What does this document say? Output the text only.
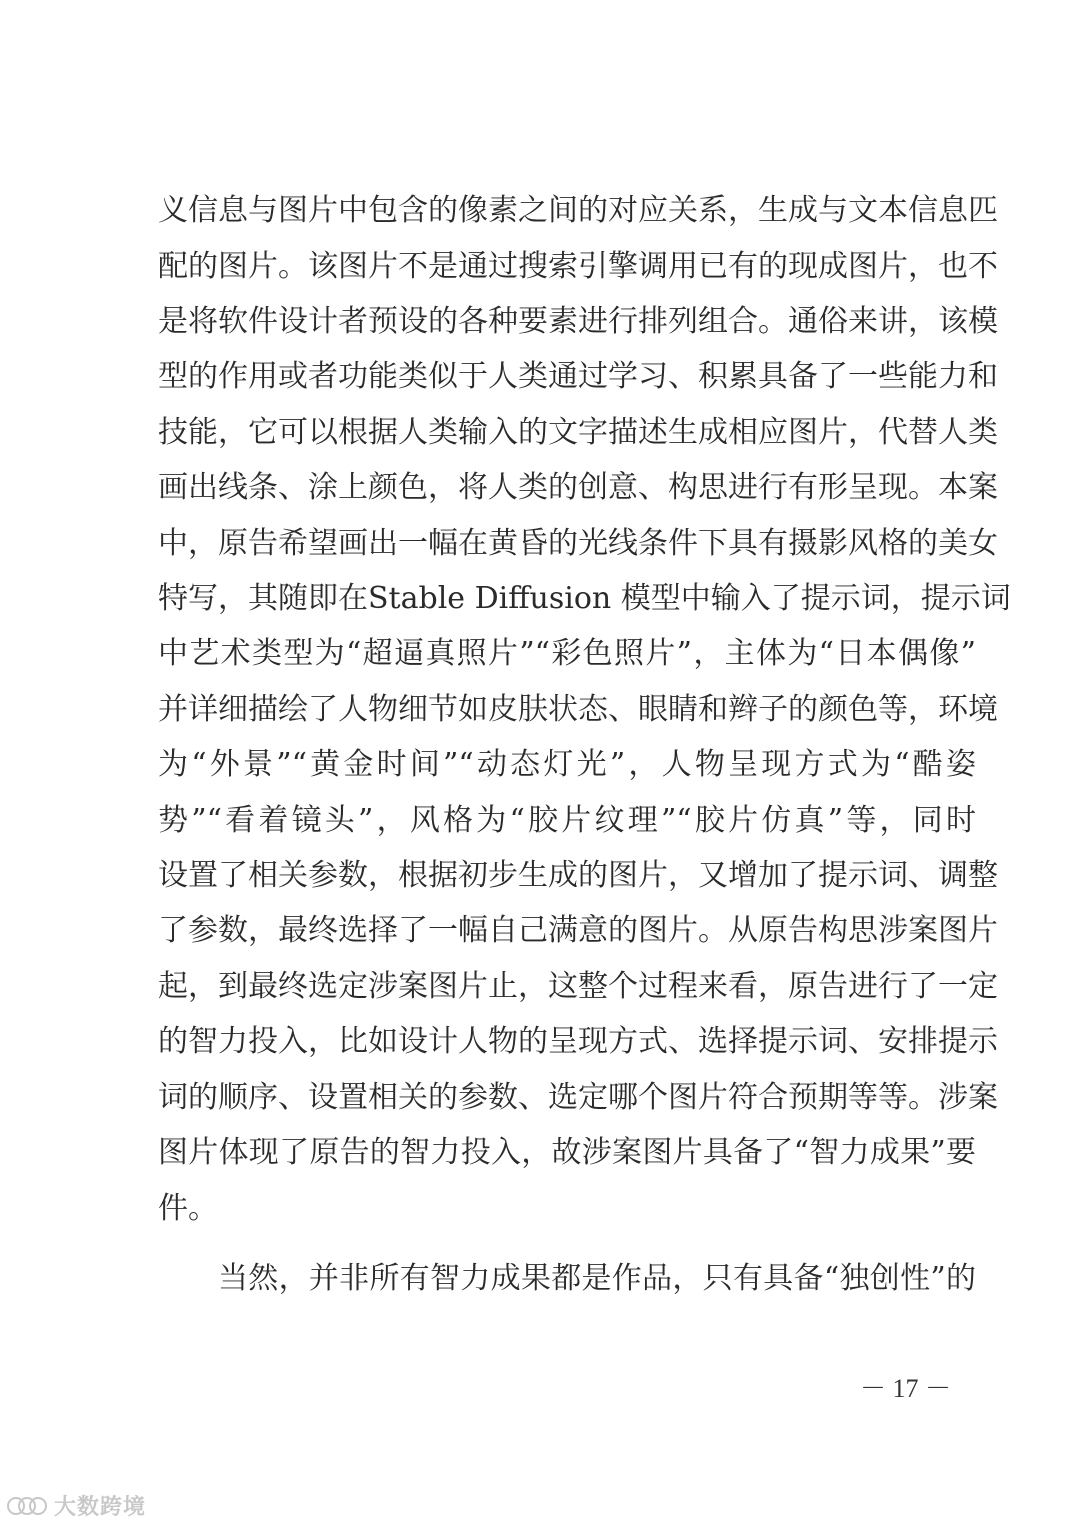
义信息与图片中包含的像素之间的对应关系，生成与文本信息匹
配的图片。该图片不是通过搜索引擎调用已有的现成图片，也不
是将软件设计者预设的各种要素进行排列组合。通俗来讲，该模
型的作用或者功能类似于人类通过学习、积累具备了一些能力和
技能，它可以根据人类输入的文字描述生成相应图片，代替人类
画出线条、涂上颜色，将人类的创意、构思进行有形呈现。本案
中，原告希望画出一幅在黄昏的光线条件下具有摄影风格的美女
特写，其随即在Stable Diffusion 模型中输入了提示词，提示词
中艺术类型为“超逼真照片”“彩色照片”，主体为“日本偶像”
并详细描绘了人物细节如皮肤状态、眼睛和辫子的颜色等，环境
为“外景”“黄金时间”“动态灯光”，人物呈现方式为“酷姿
势”“看着镜头”，风格为“胶片纹理”“胶片仿真”等，同时
设置了相关参数，根据初步生成的图片，又增加了提示词、调整
了参数，最终选择了一幅自己满意的图片。从原告构思涉案图片
起，到最终选定涉案图片止，这整个过程来看，原告进行了一定
的智力投入，比如设计人物的呈现方式、选择提示词、安排提示
词的顺序、设置相关的参数、选定哪个图片符合预期等等。涉案
图片体现了原告的智力投入，故涉案图片具备了“智力成果”要
件。
当然，并非所有智力成果都是作品，只有具备“独创性”的
－ 17 －
大数跨境
